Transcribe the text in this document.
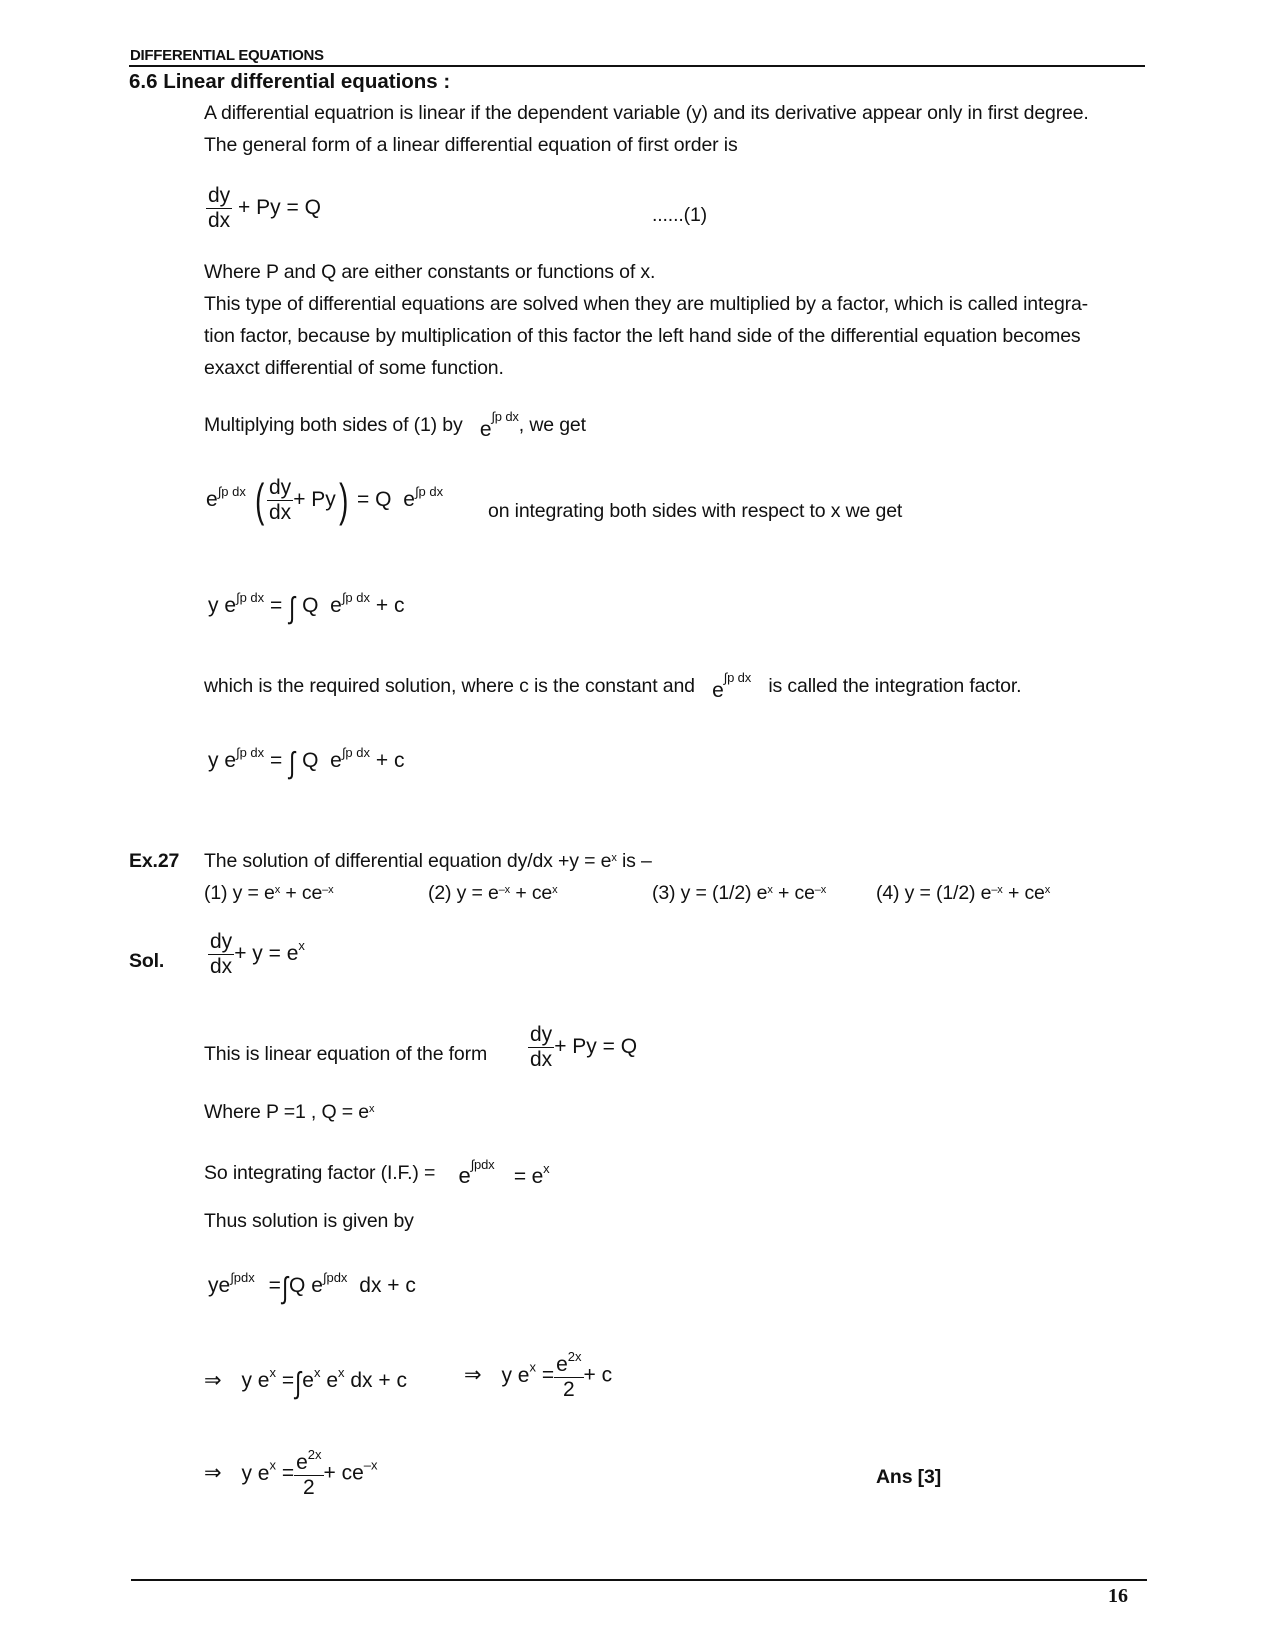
DIFFERENTIAL EQUATIONS
6.6 Linear differential equations :
A differential equatrion is linear if the dependent variable (y) and its derivative appear only in first degree.
The general form of a linear differential equation of first order is
$\frac{dy}{dx} + Py = Q$	......(1)
Where P and Q are either constants or functions of x.
This type of differential equations are solved when they are multiplied by a factor, which is called integra-
tion factor, because by multiplication of this factor the left hand side of the differential equation becomes
exaxct differential of some function.
Multiplying both sides of (1) by $e^{\int p dx}$, we get
$e^{\int p dx}$ ( $\frac{dy}{dx} + Py) = Q$ $e^{\int p dx}$
on integrating both sides with respect to x we get
y $e^{\int p dx}$ = ∫ Q  $e^{\int p dx} + c$
which is the required solution, where c is the constant and $e^{\int p dx}$ is called the integration factor.
y $e^{\int p dx}$ = ∫ Q  $e^{\int p dx} + c$
Ex.27 The solution of differential equation $dy/dx +y = e^x$ is –
(1) $y = e^x + ce^{-x}$	(2) $y = e^{-x} + ce^x$	(3) y = (1/2) $e^x + ce^{-x}$	(4) y = (1/2) $e^{-x} + ce^x$
Sol. $\frac{dy}{dx} + y = e^x$
This is linear equation of the form $\frac{dy}{dx} + Py = Q$
Where P =1 , $Q = e^x$
So integrating factor $(I.F.) = e^{\int pdx} = e^x$
Thus solution is given by
$ye^{\int pdx} =\int Q$ $e^{\int pdx}$ dx + c
⇒ y $e^x =\int e^x$ $e^x$ dx + c	⇒ y $e^x = \frac{e^{2x}}{2} + c$
⇒ y $e^x = \frac{e^{2x}}{2} + ce^{-x}$
Ans [3]
16
